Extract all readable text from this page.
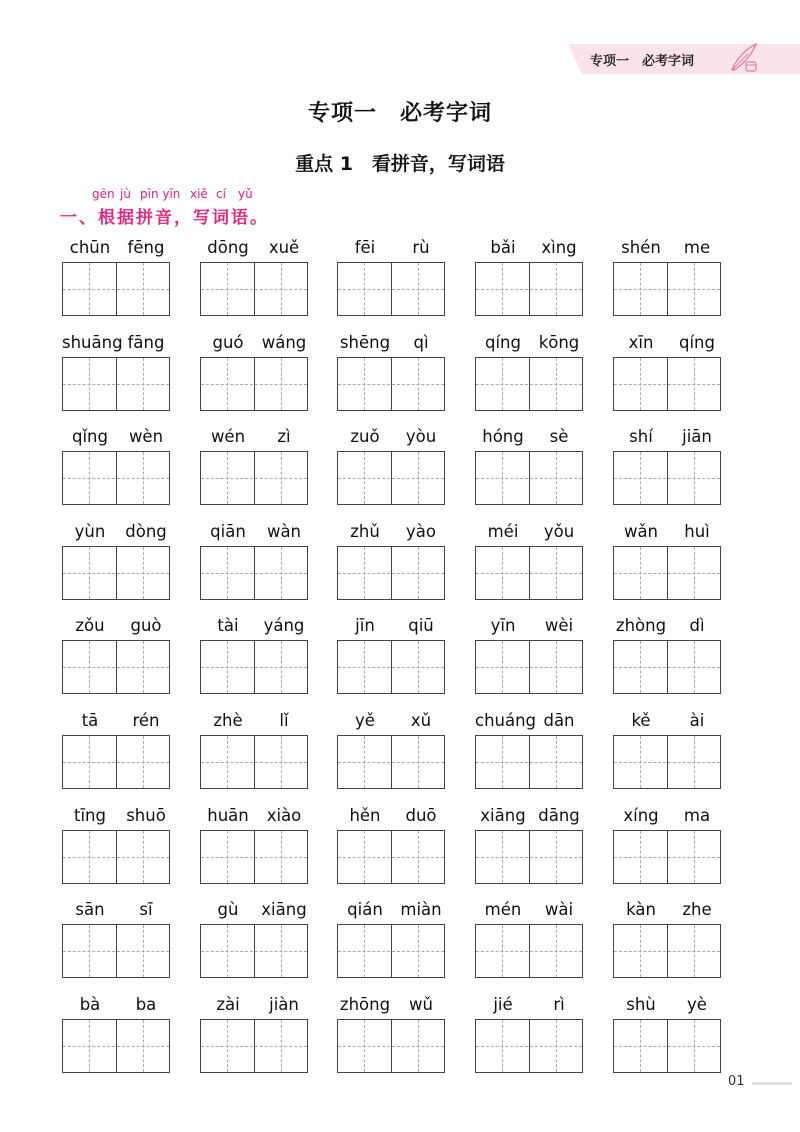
专项一　必考字词
专项一　必考字词
重点 1　看拼音，写词语
gēn jù pīn yīn xiě cí yǔ
一、根据拼音，写词语。
chūn	fēng	dōng	xuě	fēi	rù	bǎi	xìng	shén	me
shuāng fāng	guó	wáng	shēng	qì	qíng	kōng	xīn	qíng
qǐng	wèn	wén	zì	zuǒ	yòu	hóng	sè	shí	jiān
yùn	dòng	qiān	wàn	zhǔ	yào	méi	yǒu	wǎn	huì
zǒu	guò	tài	yáng	jīn	qiū	yīn	wèi	zhòng	dì
tā	rén	zhè	lǐ	yě	xǔ	chuáng dān	kě	ài
tīng	shuō	huān	xiào	hěn	duō	xiāng dāng	xíng	ma
sān	sī	gù	xiāng	qián	miàn	mén	wài	kàn	zhe
bà	ba	zài	jiàn	zhōng	wǔ	jié	rì	shù	yè
01
